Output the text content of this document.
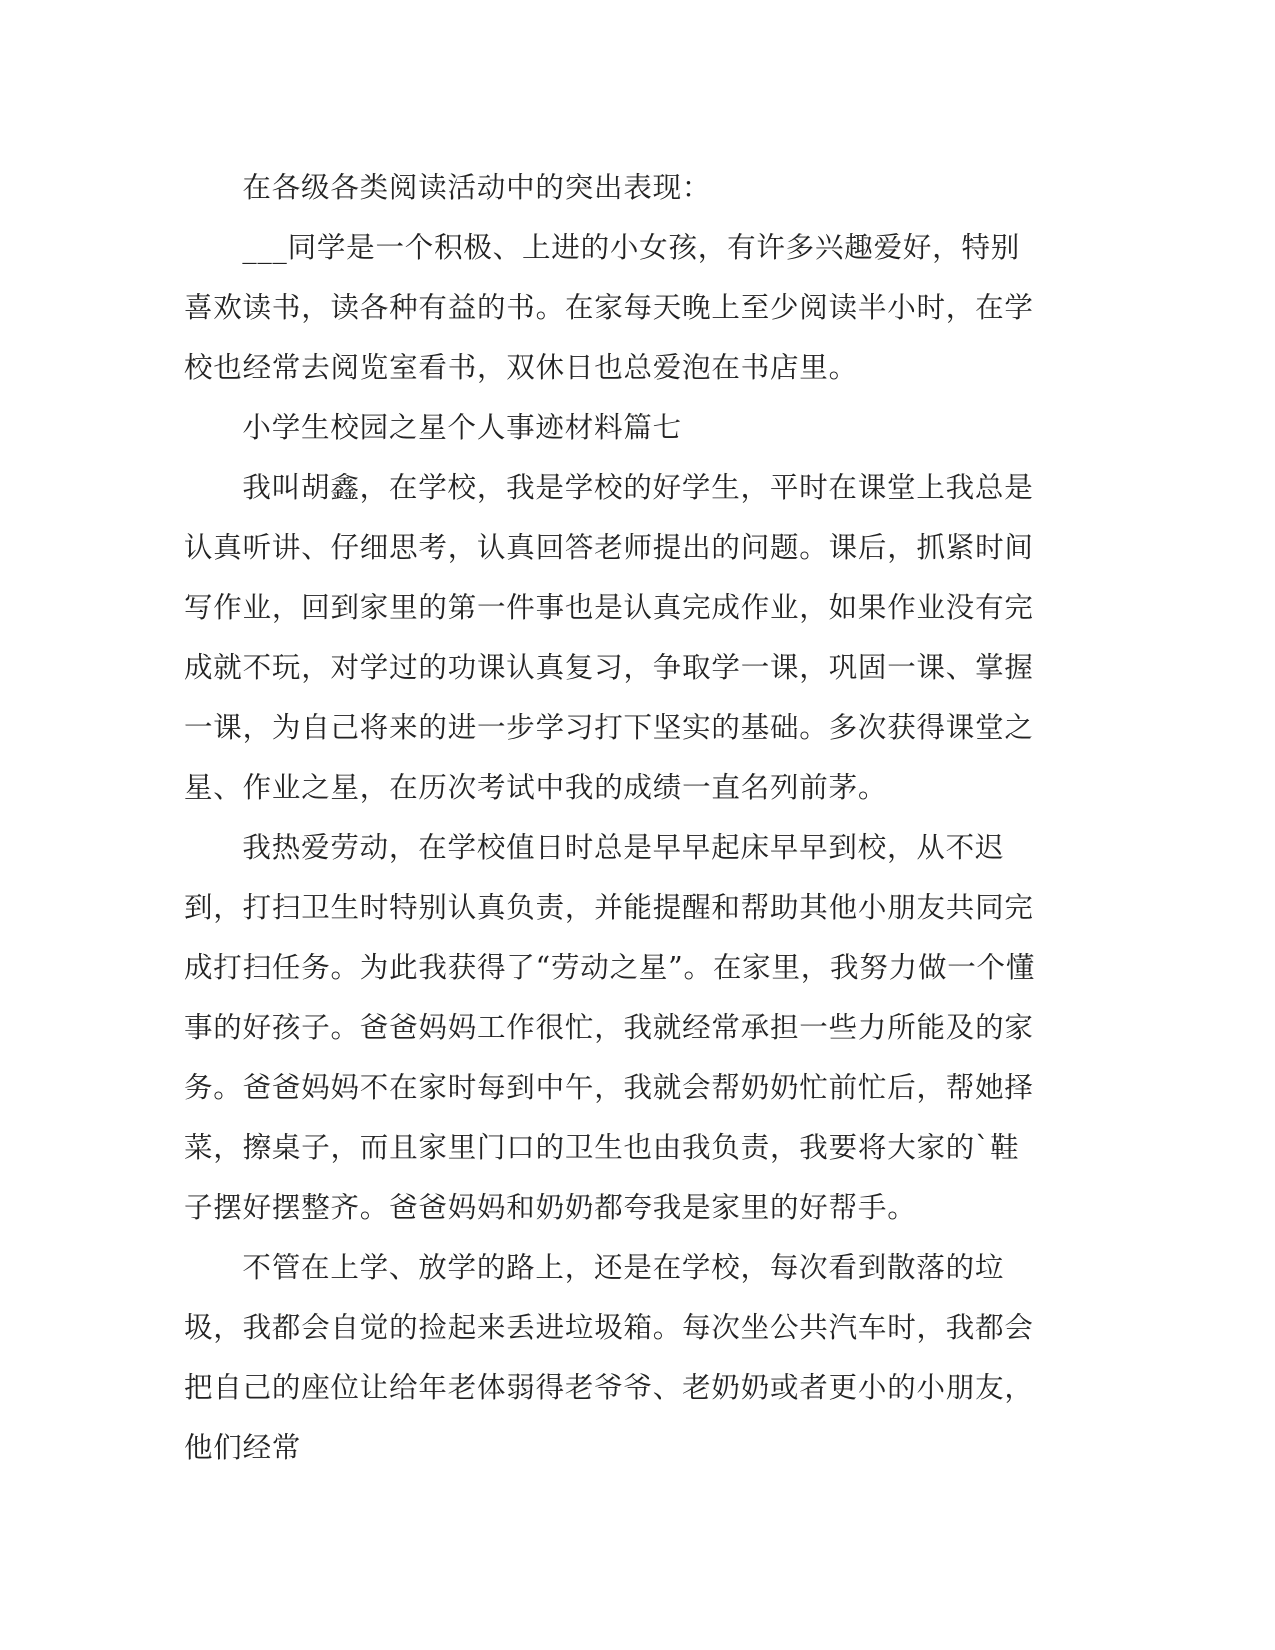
在各级各类阅读活动中的突出表现：

___同学是一个积极、上进的小女孩，有许多兴趣爱好，特别喜欢读书，读各种有益的书。在家每天晚上至少阅读半小时，在学校也经常去阅览室看书，双休日也总爱泡在书店里。

小学生校园之星个人事迹材料篇七

我叫胡鑫，在学校，我是学校的好学生，平时在课堂上我总是认真听讲、仔细思考，认真回答老师提出的问题。课后，抓紧时间写作业，回到家里的第一件事也是认真完成作业，如果作业没有完成就不玩，对学过的功课认真复习，争取学一课，巩固一课、掌握一课，为自己将来的进一步学习打下坚实的基础。多次获得课堂之星、作业之星，在历次考试中我的成绩一直名列前茅。

我热爱劳动，在学校值日时总是早早起床早早到校，从不迟到，打扫卫生时特别认真负责，并能提醒和帮助其他小朋友共同完成打扫任务。为此我获得了“劳动之星”。在家里，我努力做一个懂事的好孩子。爸爸妈妈工作很忙，我就经常承担一些力所能及的家务。爸爸妈妈不在家时每到中午，我就会帮奶奶忙前忙后，帮她择菜，擦桌子，而且家里门口的卫生也由我负责，我要将大家的`鞋子摆好摆整齐。爸爸妈妈和奶奶都夸我是家里的好帮手。

不管在上学、放学的路上，还是在学校，每次看到散落的垃圾，我都会自觉的捡起来丢进垃圾箱。每次坐公共汽车时，我都会把自己的座位让给年老体弱得老爷爷、老奶奶或者更小的小朋友，他们经常
